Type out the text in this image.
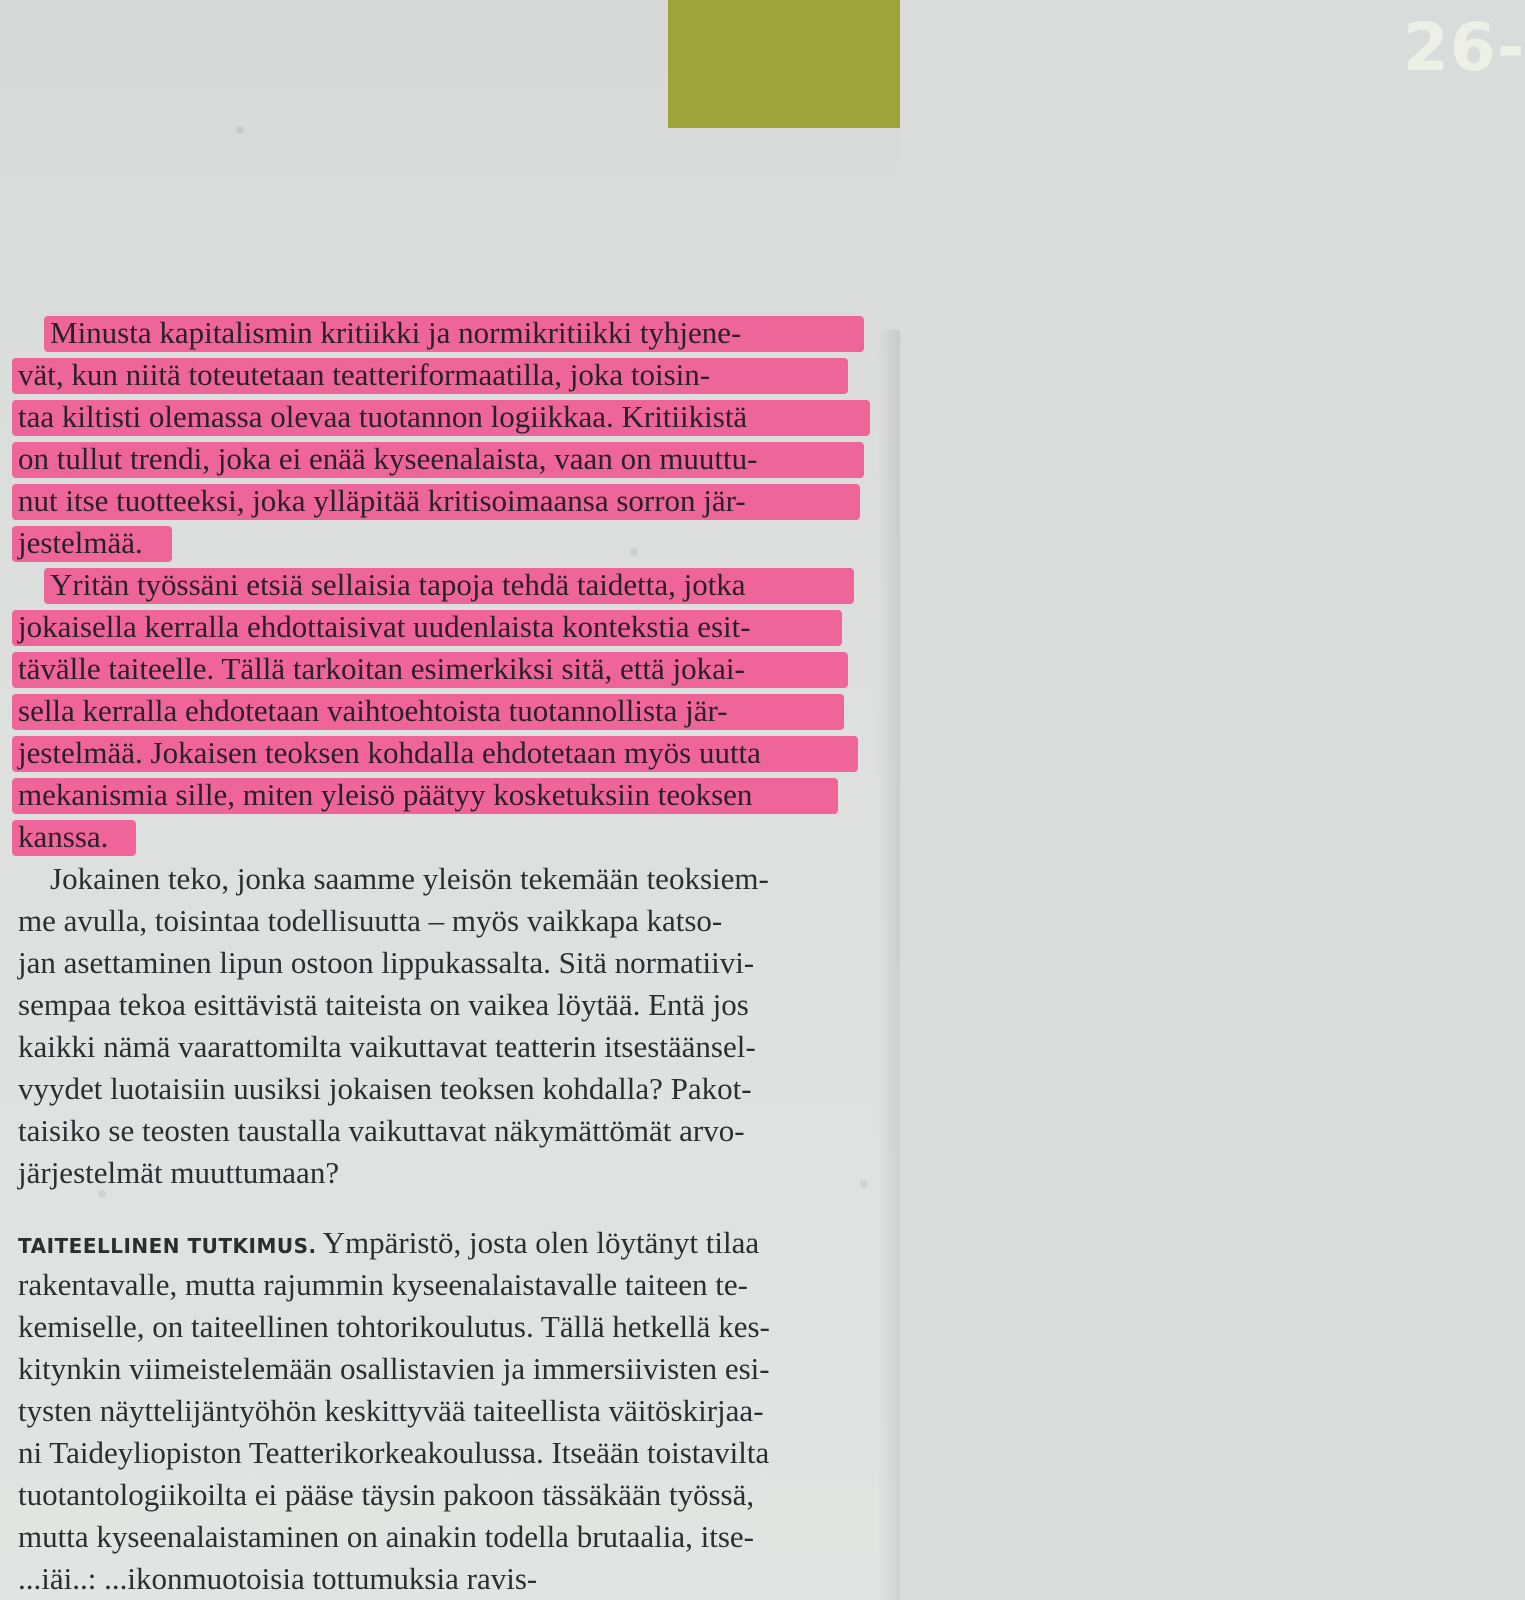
26-
Minusta kapitalismin kritiikki ja normikritiikki tyhjene-
vät, kun niitä toteutetaan teatteriformaatilla, joka toisin-
taa kiltisti olemassa olevaa tuotannon logiikkaa. Kritiikistä
on tullut trendi, joka ei enää kyseenalaista, vaan on muuttu-
nut itse tuotteeksi, joka ylläpitää kritisoimaansa sorron jär-
jestelmää.
Yritän työssäni etsiä sellaisia tapoja tehdä taidetta, jotka
jokaisella kerralla ehdottaisivat uudenlaista kontekstia esit-
tävälle taiteelle. Tällä tarkoitan esimerkiksi sitä, että jokai-
sella kerralla ehdotetaan vaihtoehtoista tuotannollista jär-
jestelmää. Jokaisen teoksen kohdalla ehdotetaan myös uutta
mekanismia sille, miten yleisö päätyy kosketuksiin teoksen
kanssa.
Jokainen teko, jonka saamme yleisön tekemään teoksiem-
me avulla, toisintaa todellisuutta – myös vaikkapa katso-
jan asettaminen lipun ostoon lippukassalta. Sitä normatiivi-
sempaa tekoa esittävistä taiteista on vaikea löytää. Entä jos
kaikki nämä vaarattomilta vaikuttavat teatterin itsestäänsel-
vyydet luotaisiin uusiksi jokaisen teoksen kohdalla? Pakot-
taisiko se teosten taustalla vaikuttavat näkymättömät arvo-
järjestelmät muuttumaan?
TAITEELLINEN TUTKIMUS. Ympäristö, josta olen löytänyt tilaa
rakentavalle, mutta rajummin kyseenalaistavalle taiteen te-
kemiselle, on taiteellinen tohtorikoulutus. Tällä hetkellä kes-
kitynkin viimeistelemään osallistavien ja immersiivisten esi-
tysten näyttelijäntyöhön keskittyvää taiteellista väitöskirjaa-
ni Taideyliopiston Teatterikorkeakoulussa. Itseään toistavilta
tuotantologiikoilta ei pääse täysin pakoon tässäkään työssä,
mutta kyseenalaistaminen on ainakin todella brutaalia, itse-
...iäi..: ...ikonmuotoisia tottumuksia ravis-
